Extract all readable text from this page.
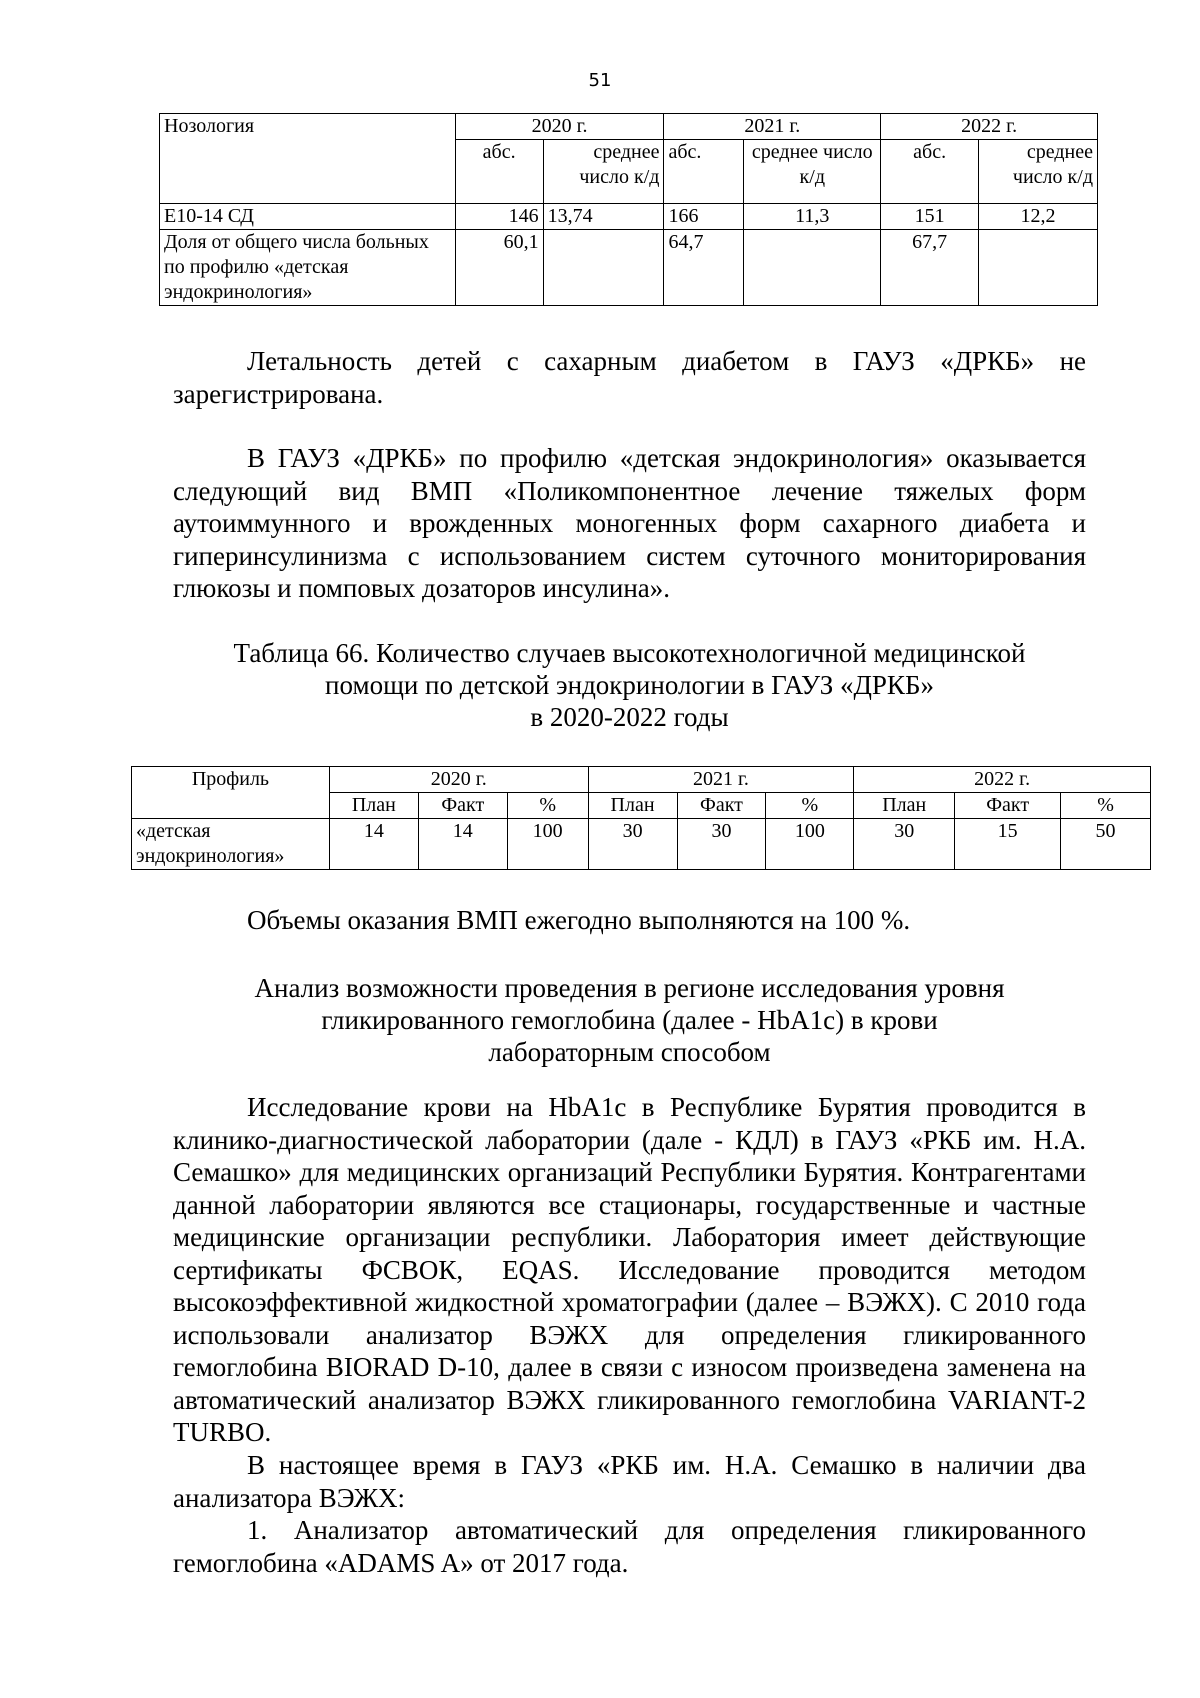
51
Нозология	2020 г.		2021 г.		2022 г.	
	абс.	среднее число к/д	абс.	среднее число к/д	абс.	среднее число к/д
Е10-14 СД	146	13,74	166	11,3	151	12,2
Доля от общего числа больных по профилю «детская эндокринология»	60,1		64,7		67,7	

Летальность детей с сахарным диабетом в ГАУЗ «ДРКБ» не зарегистрирована.

В ГАУЗ «ДРКБ» по профилю «детская эндокринология» оказывается следующий вид ВМП «Поликомпонентное лечение тяжелых форм аутоиммунного и врожденных моногенных форм сахарного диабета и гиперинсулинизма с использованием систем суточного мониторирования глюкозы и помповых дозаторов инсулина».

Таблица 66. Количество случаев высокотехнологичной медицинской
помощи по детской эндокринологии в ГАУЗ «ДРКБ»
в 2020-2022 годы
Профиль	2020 г.			2021 г.			2022 г.		
	План	Факт	%	План	Факт	%	План	Факт	%
«детская эндокринология»	14	14	100	30	30	100	30	15	50

Объемы оказания ВМП ежегодно выполняются на 100 %.

Анализ возможности проведения в регионе исследования уровня
гликированного гемоглобина (далее - HbA1c) в крови
лабораторным способом

Исследование крови на HbA1c в Республике Бурятия проводится в клинико-диагностической лаборатории (дале - КДЛ) в ГАУЗ «РКБ им. Н.А. Семашко» для медицинских организаций Республики Бурятия. Контрагентами данной лаборатории являются все стационары, государственные и частные медицинские организации республики. Лаборатория имеет действующие сертификаты ФСВОК, EQAS. Исследование проводится методом высокоэффективной жидкостной хроматографии (далее – ВЭЖХ). С 2010 года использовали анализатор ВЭЖХ для определения гликированного гемоглобина BIORAD D-10, далее в связи с износом произведена заменена на автоматический анализатор ВЭЖХ гликированного гемоглобина VARIANT-2 TURBO.

В настоящее время в ГАУЗ «РКБ им. Н.А. Семашко в наличии два анализатора ВЭЖХ:

1. Анализатор автоматический для определения гликированного гемоглобина «ADAMS A» от 2017 года.
